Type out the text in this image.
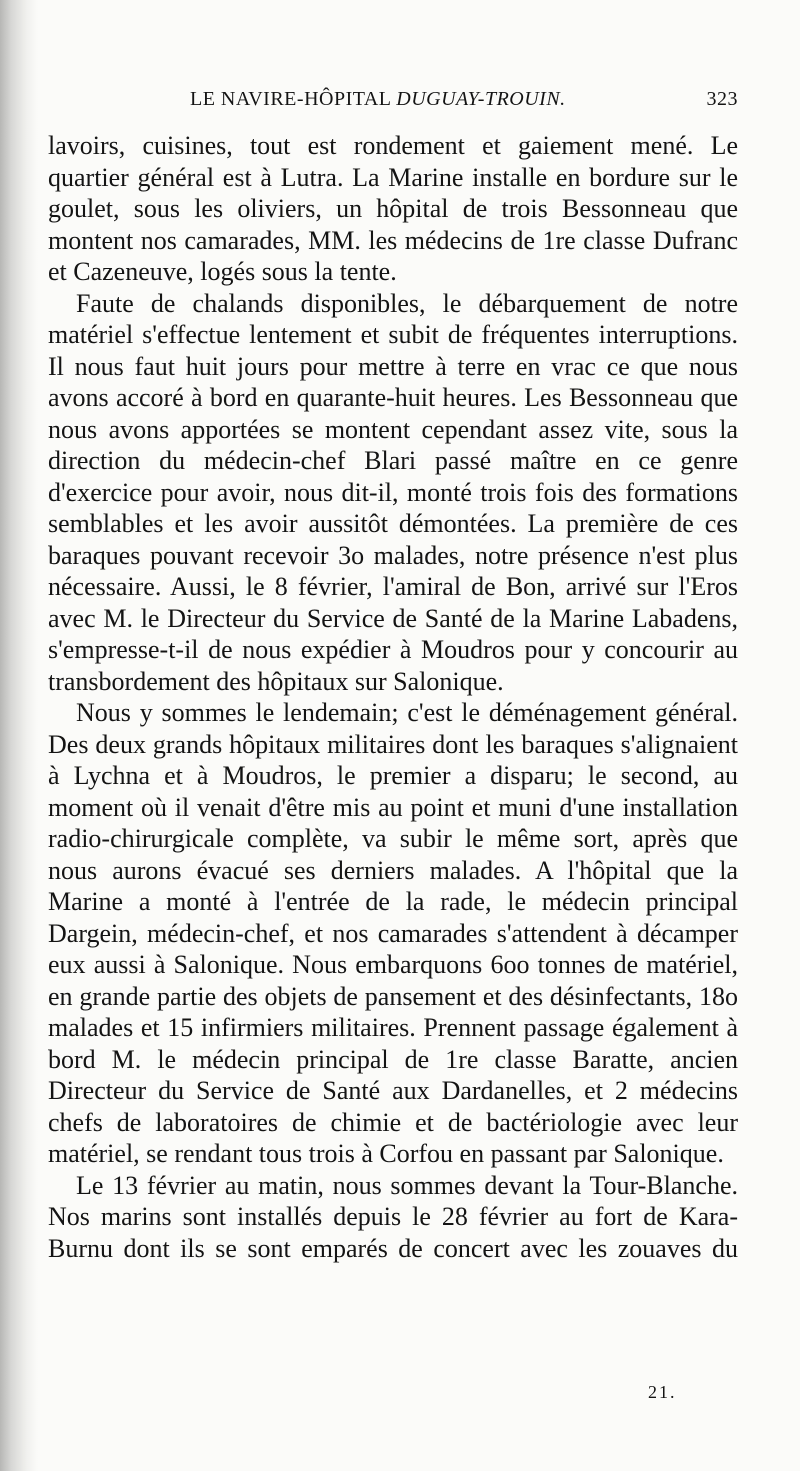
LE NAVIRE-HÔPITAL DUGUAY-TROUIN.	323

lavoirs, cuisines, tout est rondement et gaiement mené. Le quartier général est à Lutra. La Marine installe en bordure sur le goulet, sous les oliviers, un hôpital de trois Bessonneau que montent nos camarades, MM. les médecins de 1re classe Dufranc et Cazeneuve, logés sous la tente.

Faute de chalands disponibles, le débarquement de notre matériel s'effectue lentement et subit de fréquentes interruptions. Il nous faut huit jours pour mettre à terre en vrac ce que nous avons accoré à bord en quarante-huit heures. Les Bessonneau que nous avons apportées se montent cependant assez vite, sous la direction du médecin-chef Blari passé maître en ce genre d'exercice pour avoir, nous dit-il, monté trois fois des formations semblables et les avoir aussitôt démontées. La première de ces baraques pouvant recevoir 3o malades, notre présence n'est plus nécessaire. Aussi, le 8 février, l'amiral de Bon, arrivé sur l'Eros avec M. le Directeur du Service de Santé de la Marine Labadens, s'empresse-t-il de nous expédier à Moudros pour y concourir au transbordement des hôpitaux sur Salonique.

Nous y sommes le lendemain; c'est le déménagement général. Des deux grands hôpitaux militaires dont les baraques s'alignaient à Lychna et à Moudros, le premier a disparu; le second, au moment où il venait d'être mis au point et muni d'une installation radio-chirurgicale complète, va subir le même sort, après que nous aurons évacué ses derniers malades. A l'hôpital que la Marine a monté à l'entrée de la rade, le médecin principal Dargein, médecin-chef, et nos camarades s'attendent à décamper eux aussi à Salonique. Nous embarquons 6oo tonnes de matériel, en grande partie des objets de pansement et des désinfectants, 18o malades et 15 infirmiers militaires. Prennent passage également à bord M. le médecin principal de 1re classe Baratte, ancien Directeur du Service de Santé aux Dardanelles, et 2 médecins chefs de laboratoires de chimie et de bactériologie avec leur matériel, se rendant tous trois à Corfou en passant par Salonique.

Le 13 février au matin, nous sommes devant la Tour-Blanche. Nos marins sont installés depuis le 28 février au fort de Kara-Burnu dont ils se sont emparés de concert avec les zouaves du

21.
